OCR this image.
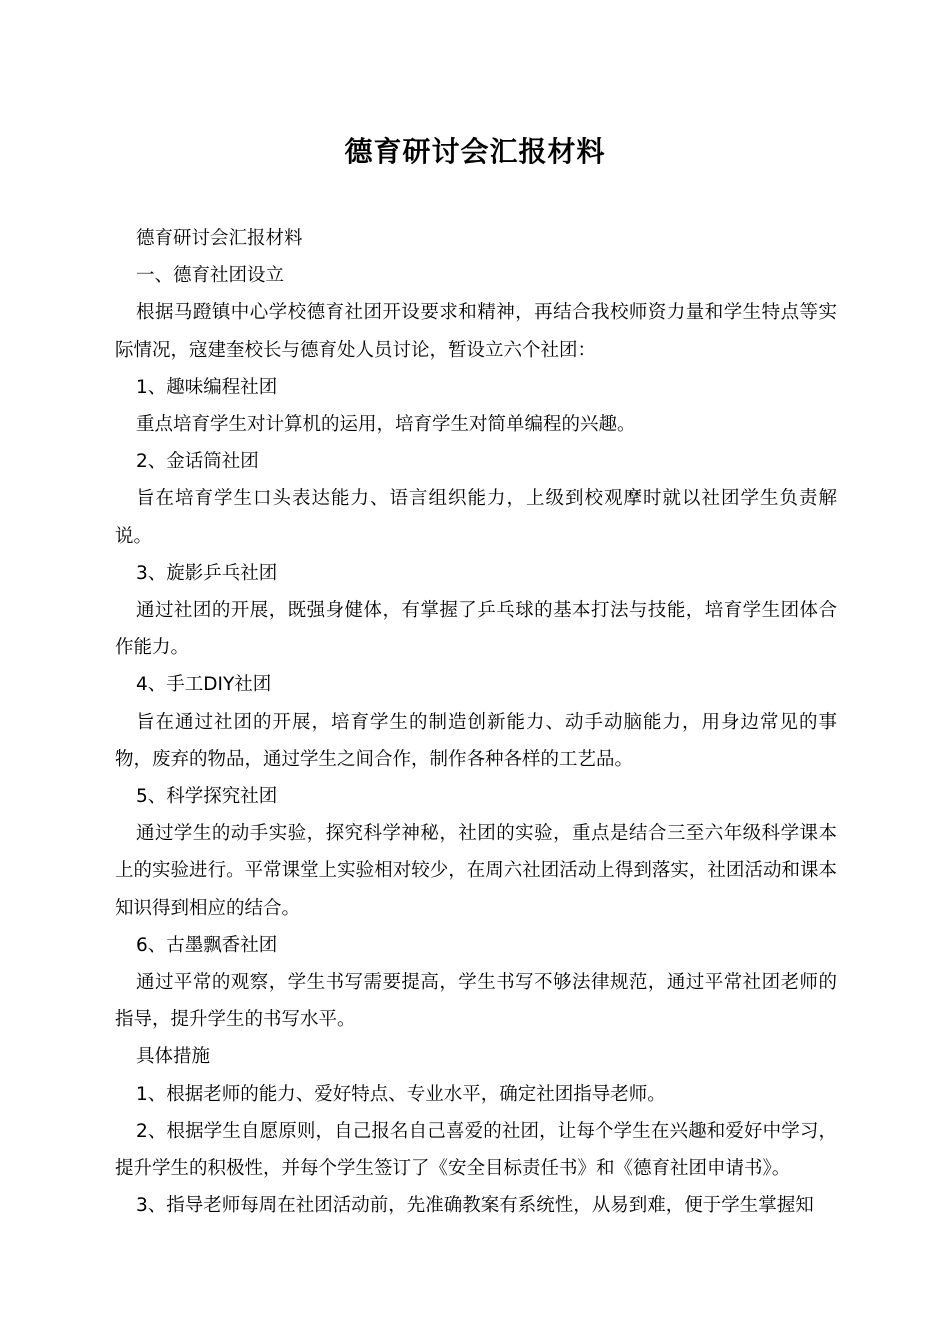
德育研讨会汇报材料

德育研讨会汇报材料

一、德育社团设立

根据马蹬镇中心学校德育社团开设要求和精神，再结合我校师资力量和学生特点等实际情况，寇建奎校长与德育处人员讨论，暂设立六个社团：

1、趣味编程社团

重点培育学生对计算机的运用，培育学生对简单编程的兴趣。

2、金话筒社团

旨在培育学生口头表达能力、语言组织能力，上级到校观摩时就以社团学生负责解说。

3、旋影乒乓社团

通过社团的开展，既强身健体，有掌握了乒乓球的基本打法与技能，培育学生团体合作能力。

4、手工DIY社团

旨在通过社团的开展，培育学生的制造创新能力、动手动脑能力，用身边常见的事物，废弃的物品，通过学生之间合作，制作各种各样的工艺品。

5、科学探究社团

通过学生的动手实验，探究科学神秘，社团的实验，重点是结合三至六年级科学课本上的实验进行。平常课堂上实验相对较少，在周六社团活动上得到落实，社团活动和课本知识得到相应的结合。

6、古墨飘香社团

通过平常的观察，学生书写需要提高，学生书写不够法律规范，通过平常社团老师的指导，提升学生的书写水平。

具体措施

1、根据老师的能力、爱好特点、专业水平，确定社团指导老师。

2、根据学生自愿原则，自己报名自己喜爱的社团，让每个学生在兴趣和爱好中学习，提升学生的积极性，并每个学生签订了《安全目标责任书》和《德育社团申请书》。

3、指导老师每周在社团活动前，先准确教案有系统性，从易到难，便于学生掌握知
